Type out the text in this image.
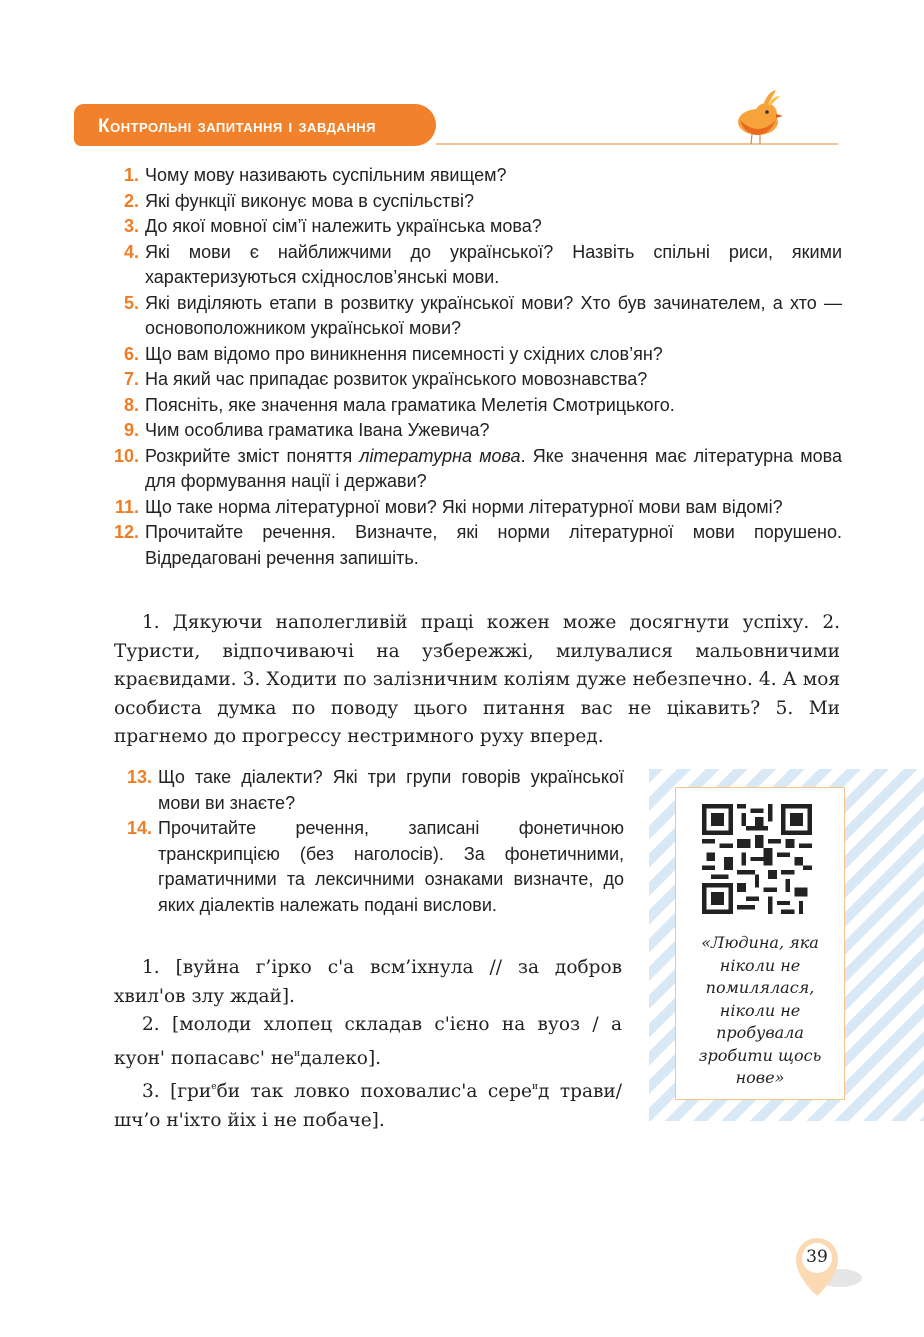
Контрольні запитання і завдання
1. Чому мову називають суспільним явищем?
2. Які функції виконує мова в суспільстві?
3. До якої мовної сім’ї належить українська мова?
4. Які мови є найближчими до української? Назвіть спільні риси, якими характеризуються східнослов’янські мови.
5. Які виділяють етапи в розвитку української мови? Хто був зачинателем, а хто — основоположником української мови?
6. Що вам відомо про виникнення писемності у східних слов’ян?
7. На який час припадає розвиток українського мовознавства?
8. Поясніть, яке значення мала граматика Мелетія Смотрицького.
9. Чим особлива граматика Івана Ужевича?
10. Розкрийте зміст поняття літературна мова. Яке значення має літературна мова для формування нації і держави?
11. Що таке норма літературної мови? Які норми літературної мови вам відомі?
12. Прочитайте речення. Визначте, які норми літературної мови порушено. Відредаговані речення запишіть.
1. Дякуючи наполегливій праці кожен може досягнути успіху. 2. Туристи, відпочиваючі на узбережжі, милувалися мальовничими краєвидами. 3. Ходити по залізничним коліям дуже небезпечно. 4. А моя особиста думка по поводу цього питання вас не цікавить? 5. Ми прагнемо до прогрессу нестримного руху вперед.
13. Що таке діалекти? Які три групи говорів української мови ви знаєте?
14. Прочитайте речення, записані фонетичною транскрипцією (без наголосів). За фонетичними, граматичними та лексичними ознаками визначте, до яких діалектів належать подані вислови.

1. [вуйна г’ірко с'а всм’іхнула // за добров хвил'ов злу ждай].

2. [молоди хлопец складав с'ієно на вуоз / а куон' попасавс' $не^идалеко$].

3. [гри$^е$би так ловко поховалис'а сере$^и$д трави/ шч’о н'іхто йіх і не побаче].

«Людина, яка ніколи не помилялася, ніколи не пробувала зробити щось нове»
39
